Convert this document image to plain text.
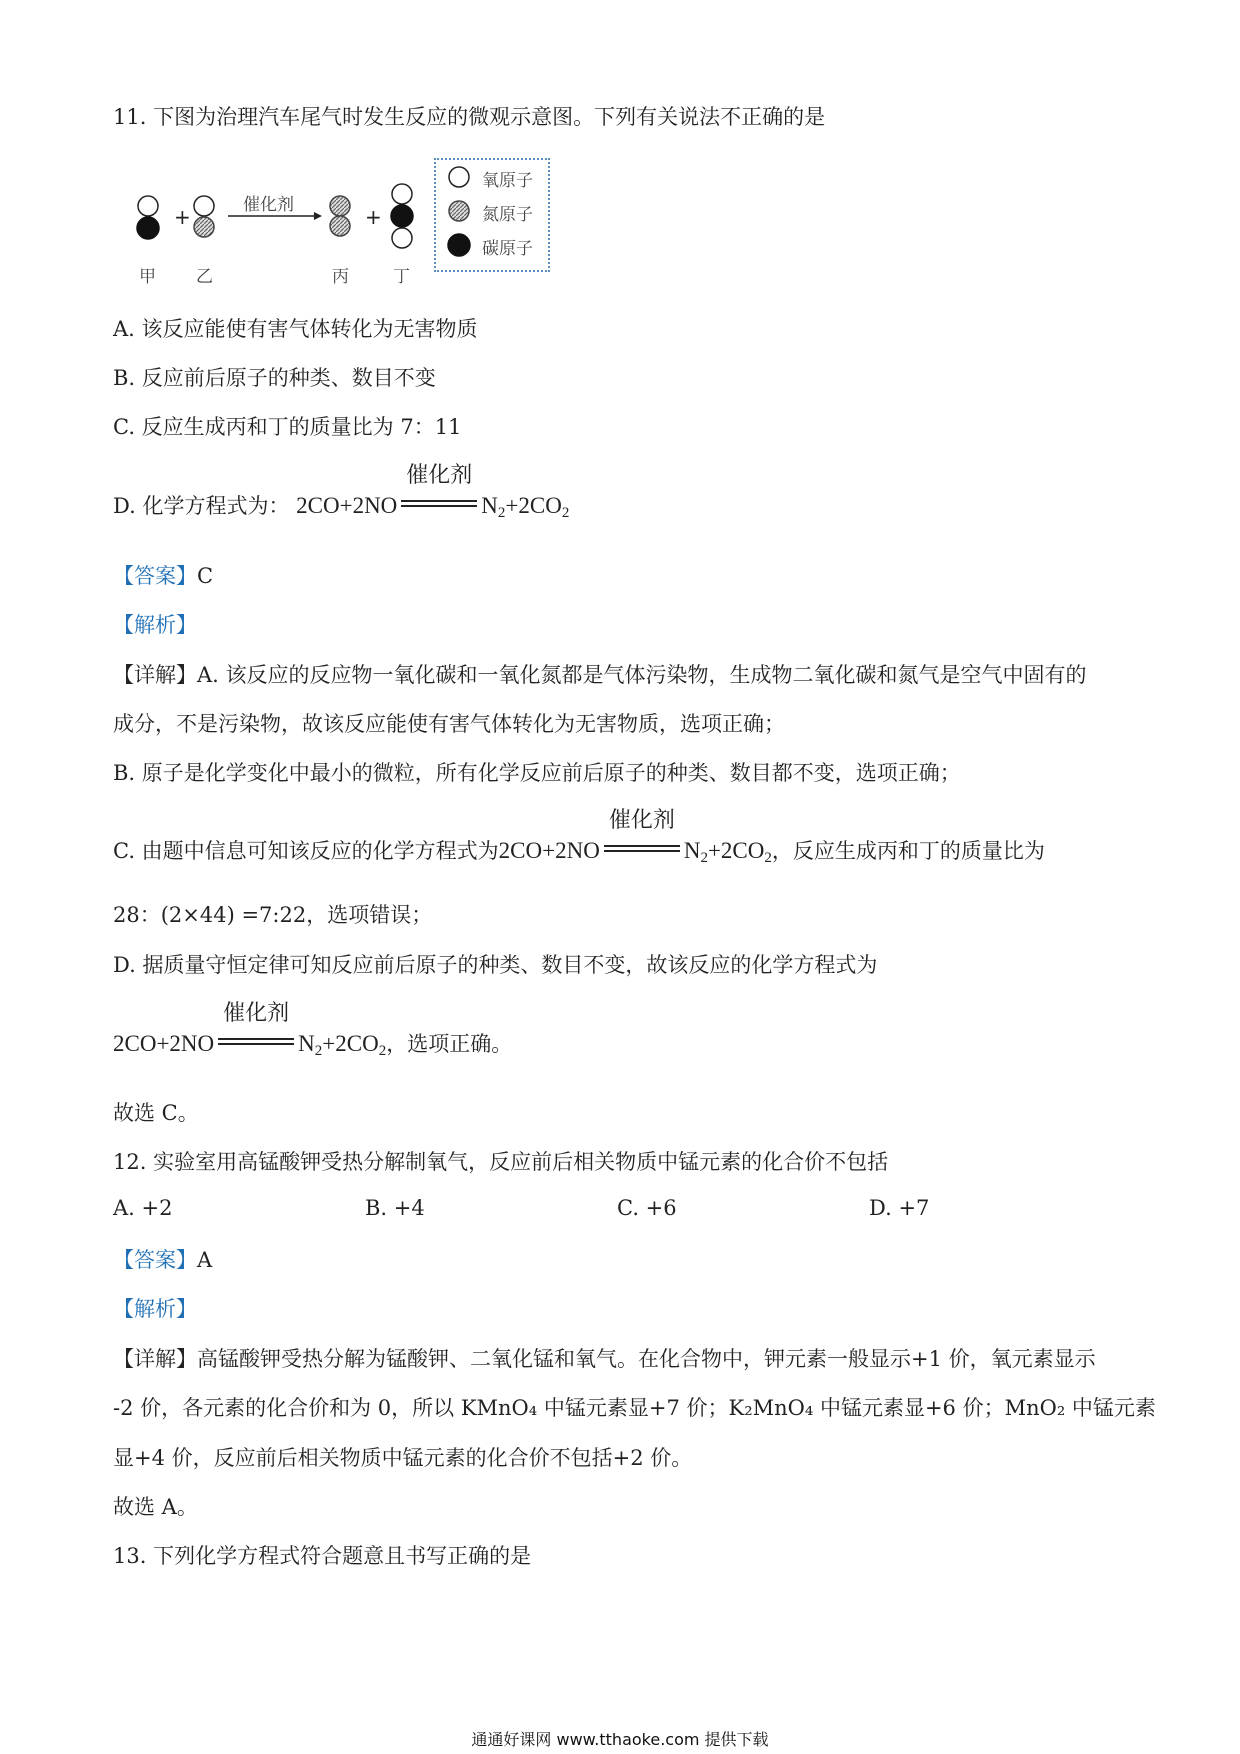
11. 下图为治理汽车尾气时发生反应的微观示意图。下列有关说法不正确的是
+	+
催化剂
甲 乙	丙	丁
氧原子
氮原子
碳原子
A. 该反应能使有害气体转化为无害物质
B. 反应前后原子的种类、数目不变
C. 反应生成丙和丁的质量比为 7：11
D. 化学方程式为： 2CO+2NO
催化剂
$N_2+2CO_2$
【答案】C
【解析】
【详解】A. 该反应的反应物一氧化碳和一氧化氮都是气体污染物，生成物二氧化碳和氮气是空气中固有的
成分，不是污染物，故该反应能使有害气体转化为无害物质，选项正确；
B. 原子是化学变化中最小的微粒，所有化学反应前后原子的种类、数目都不变，选项正确；
C. 由题中信息可知该反应的化学方程式为2CO+2NO
催化剂
$N_2+2CO_2$，反应生成丙和丁的质量比为
28：(2×44) =7:22，选项错误；
D. 据质量守恒定律可知反应前后原子的种类、数目不变，故该反应的化学方程式为
2CO+2NO
催化剂
$N_2+2CO_2$，选项正确。
故选 C。
12. 实验室用高锰酸钾受热分解制氧气，反应前后相关物质中锰元素的化合价不包括
A. +2	B. +4	C. +6	D. +7
【答案】A
【解析】
【详解】高锰酸钾受热分解为锰酸钾、二氧化锰和氧气。在化合物中，钾元素一般显示+1 价，氧元素显示
-2 价，各元素的化合价和为 0，所以 KMnO₄ 中锰元素显+7 价；K₂MnO₄ 中锰元素显+6 价；MnO₂ 中锰元素
显+4 价，反应前后相关物质中锰元素的化合价不包括+2 价。
故选 A。
13. 下列化学方程式符合题意且书写正确的是
通通好课网 www.tthaoke.com 提供下载
